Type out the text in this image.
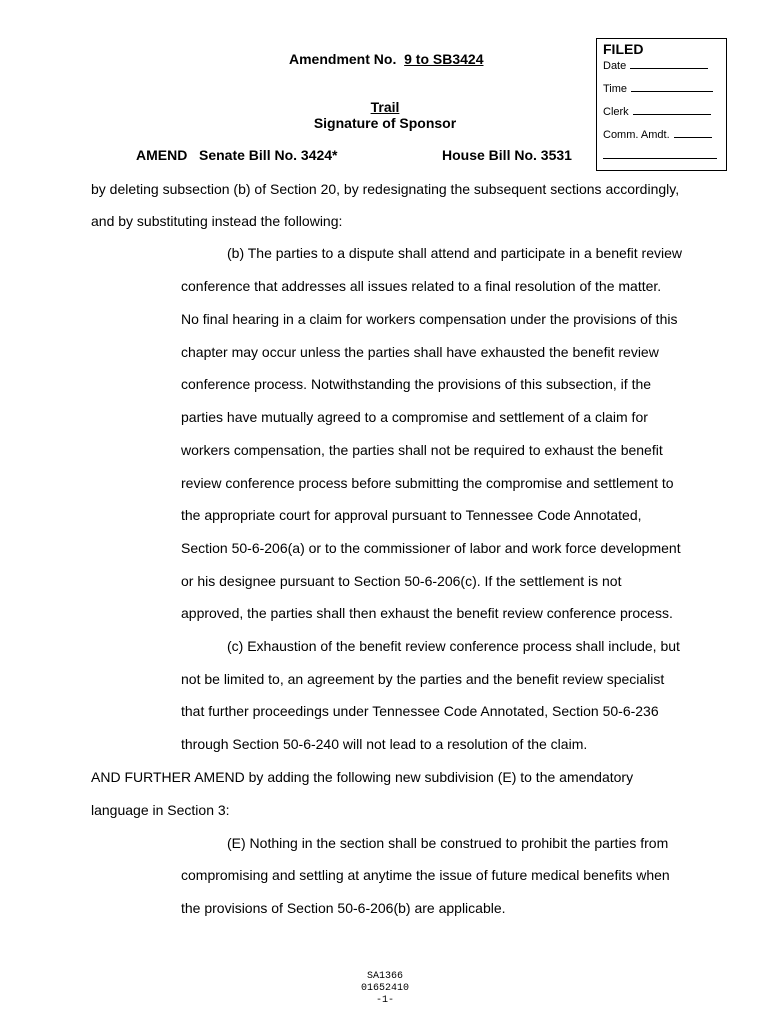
FILED
Date
Time
Clerk
Comm. Amdt.
Amendment No. 9 to SB3424
Trail
Signature of Sponsor
AMEND Senate Bill No. 3424*	House Bill No. 3531
by deleting subsection (b) of Section 20, by redesignating the subsequent sections accordingly,
and by substituting instead the following:
(b) The parties to a dispute shall attend and participate in a benefit review
conference that addresses all issues related to a final resolution of the matter.
No final hearing in a claim for workers compensation under the provisions of this
chapter may occur unless the parties shall have exhausted the benefit review
conference process. Notwithstanding the provisions of this subsection, if the
parties have mutually agreed to a compromise and settlement of a claim for
workers compensation, the parties shall not be required to exhaust the benefit
review conference process before submitting the compromise and settlement to
the appropriate court for approval pursuant to Tennessee Code Annotated,
Section 50-6-206(a) or to the commissioner of labor and work force development
or his designee pursuant to Section 50-6-206(c). If the settlement is not
approved, the parties shall then exhaust the benefit review conference process.
(c) Exhaustion of the benefit review conference process shall include, but
not be limited to, an agreement by the parties and the benefit review specialist
that further proceedings under Tennessee Code Annotated, Section 50-6-236
through Section 50-6-240 will not lead to a resolution of the claim.
AND FURTHER AMEND by adding the following new subdivision (E) to the amendatory
language in Section 3:
(E) Nothing in the section shall be construed to prohibit the parties from
compromising and settling at anytime the issue of future medical benefits when
the provisions of Section 50-6-206(b) are applicable.
SA1366
01652410
-1-
